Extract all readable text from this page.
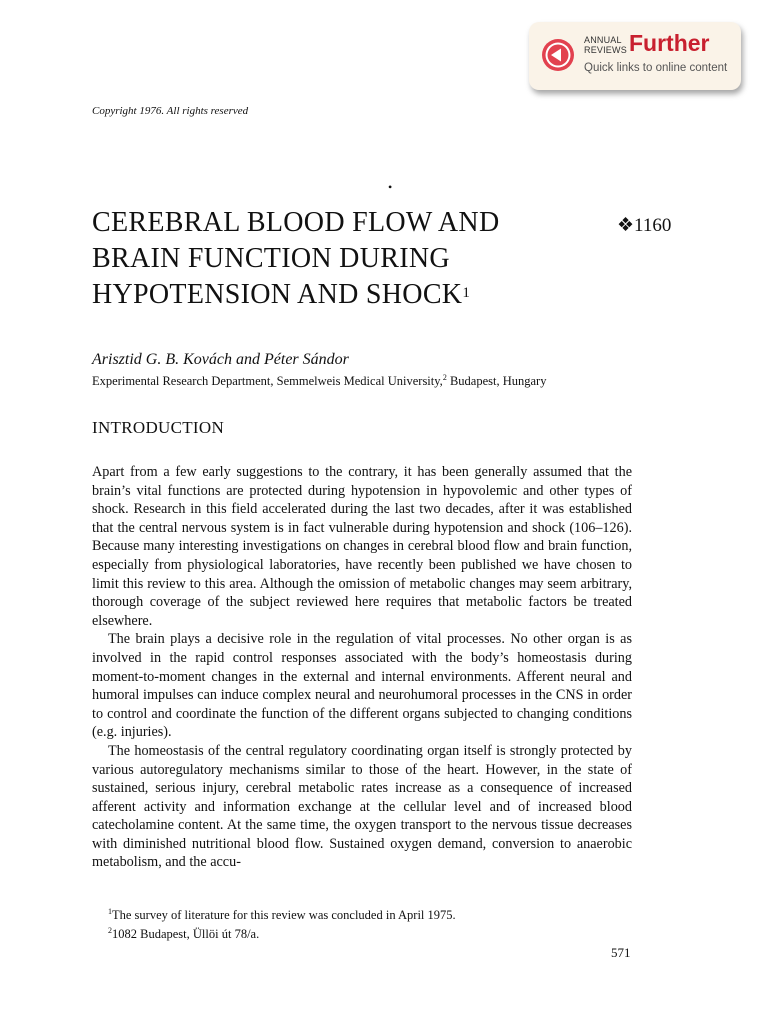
ANNUAL
REVIEWS Further
Quick links to online content
Copyright 1976. All rights reserved
•
CEREBRAL BLOOD FLOW AND
BRAIN FUNCTION DURING
HYPOTENSION AND SHOCK$^1$
❖1160
Arisztid G. B. Kovách and Péter Sándor
Experimental Research Department, Semmelweis Medical University,$^2$ Budapest, Hungary
INTRODUCTION

Apart from a few early suggestions to the contrary, it has been generally assumed that the brain’s vital functions are protected during hypotension in hypovolemic and other types of shock. Research in this field accelerated during the last two decades, after it was established that the central nervous system is in fact vulnerable during hypotension and shock (106–126). Because many interesting investigations on changes in cerebral blood flow and brain function, especially from physiological laboratories, have recently been published we have chosen to limit this review to this area. Although the omission of metabolic changes may seem arbitrary, thorough coverage of the subject reviewed here requires that metabolic factors be treated elsewhere.

The brain plays a decisive role in the regulation of vital processes. No other organ is as involved in the rapid control responses associated with the body’s homeostasis during moment-to-moment changes in the external and internal environments. Afferent neural and humoral impulses can induce complex neural and neurohumoral processes in the CNS in order to control and coordinate the function of the different organs subjected to changing conditions (e.g. injuries).

The homeostasis of the central regulatory coordinating organ itself is strongly protected by various autoregulatory mechanisms similar to those of the heart. However, in the state of sustained, serious injury, cerebral metabolic rates increase as a consequence of increased afferent activity and information exchange at the cellular level and of increased blood catecholamine content. At the same time, the oxygen transport to the nervous tissue decreases with diminished nutritional blood flow. Sustained oxygen demand, conversion to anaerobic metabolism, and the accu-

$^1$The survey of literature for this review was concluded in April 1975.
$^2$1082 Budapest, Üllöi út 78/a.
571
